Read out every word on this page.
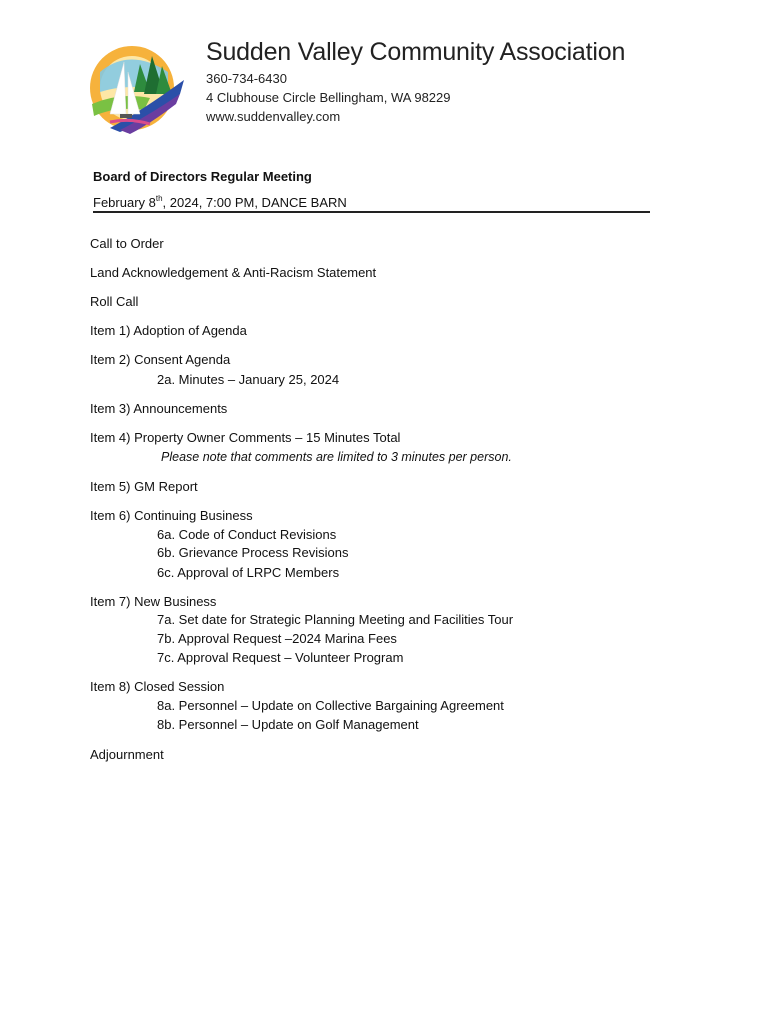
Sudden Valley Community Association
360-734-6430
4 Clubhouse Circle Bellingham, WA 98229
www.suddenvalley.com
Board of Directors Regular Meeting
February 8th, 2024, 7:00 PM, DANCE BARN
Call to Order
Land Acknowledgement & Anti-Racism Statement
Roll Call
Item 1) Adoption of Agenda
Item 2) Consent Agenda
2a. Minutes – January 25, 2024
Item 3) Announcements
Item 4) Property Owner Comments – 15 Minutes Total
Please note that comments are limited to 3 minutes per person.
Item 5) GM Report
Item 6) Continuing Business
6a. Code of Conduct Revisions
6b. Grievance Process Revisions
6c. Approval of LRPC Members
Item 7) New Business
7a. Set date for Strategic Planning Meeting and Facilities Tour
7b. Approval Request –2024 Marina Fees
7c. Approval Request – Volunteer Program
Item 8) Closed Session
8a. Personnel – Update on Collective Bargaining Agreement
8b. Personnel – Update on Golf Management
Adjournment
